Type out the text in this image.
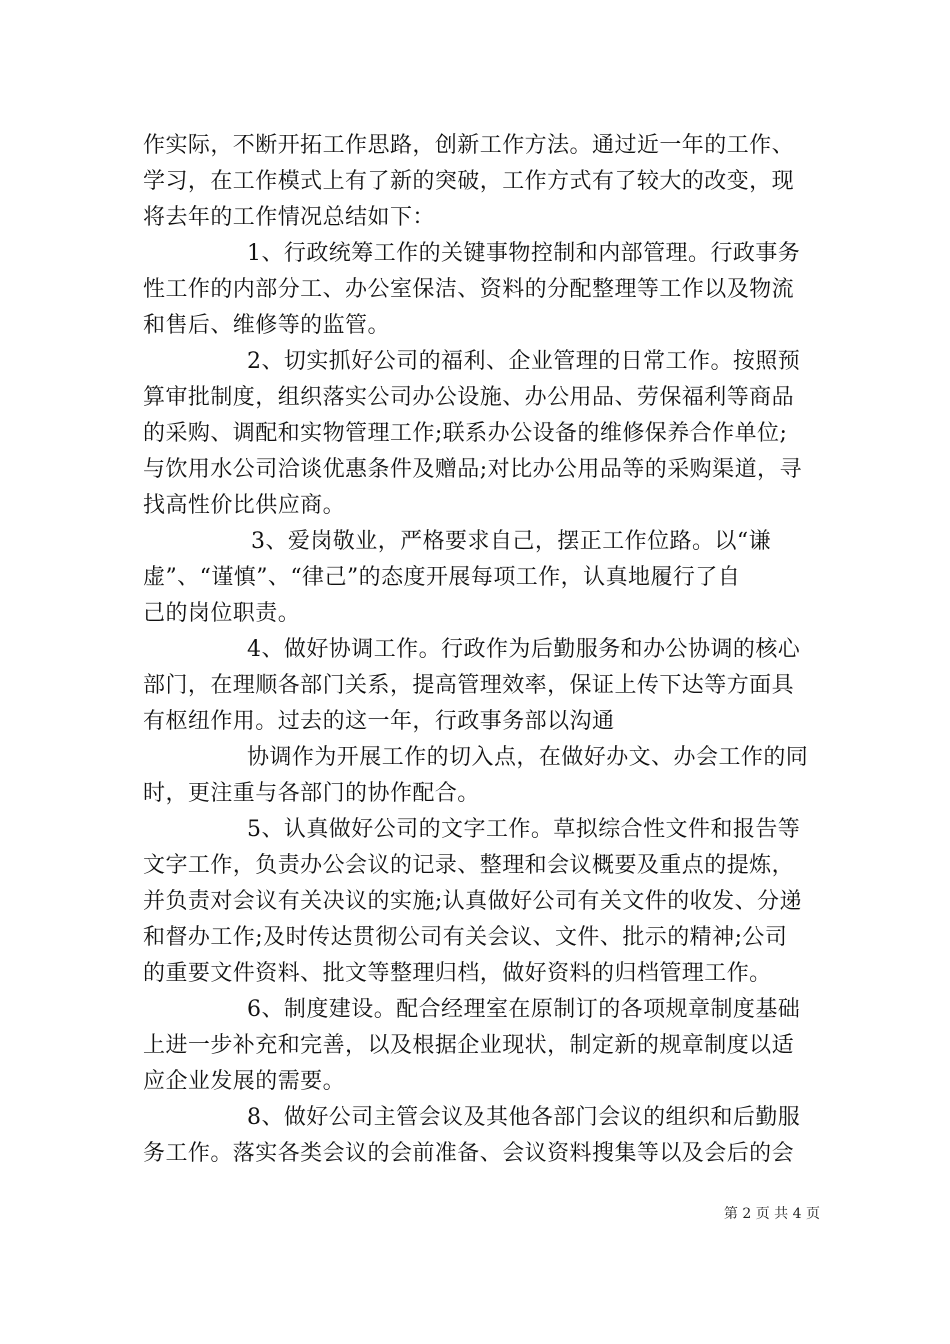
作实际，不断开拓工作思路，创新工作方法。通过近一年的工作、
学习，在工作模式上有了新的突破，工作方式有了较大的改变，现
将去年的工作情况总结如下：
1、行政统筹工作的关键事物控制和内部管理。行政事务
性工作的内部分工、办公室保洁、资料的分配整理等工作以及物流
和售后、维修等的监管。
2、切实抓好公司的福利、企业管理的日常工作。按照预
算审批制度，组织落实公司办公设施、办公用品、劳保福利等商品
的采购、调配和实物管理工作;联系办公设备的维修保养合作单位;
与饮用水公司洽谈优惠条件及赠品;对比办公用品等的采购渠道，寻
找高性价比供应商。
3、爱岗敬业，严格要求自己，摆正工作位路。以“谦
虚”、“谨慎”、“律己”的态度开展每项工作，认真地履行了自
己的岗位职责。
4、做好协调工作。行政作为后勤服务和办公协调的核心
部门，在理顺各部门关系，提高管理效率，保证上传下达等方面具
有枢纽作用。过去的这一年，行政事务部以沟通
协调作为开展工作的切入点，在做好办文、办会工作的同
时，更注重与各部门的协作配合。
5、认真做好公司的文字工作。草拟综合性文件和报告等
文字工作，负责办公会议的记录、整理和会议概要及重点的提炼，
并负责对会议有关决议的实施;认真做好公司有关文件的收发、分递
和督办工作;及时传达贯彻公司有关会议、文件、批示的精神;公司
的重要文件资料、批文等整理归档，做好资料的归档管理工作。
6、制度建设。配合经理室在原制订的各项规章制度基础
上进一步补充和完善，以及根据企业现状，制定新的规章制度以适
应企业发展的需要。
8、做好公司主管会议及其他各部门会议的组织和后勤服
务工作。落实各类会议的会前准备、会议资料搜集等以及会后的会
第 2 页 共 4 页
